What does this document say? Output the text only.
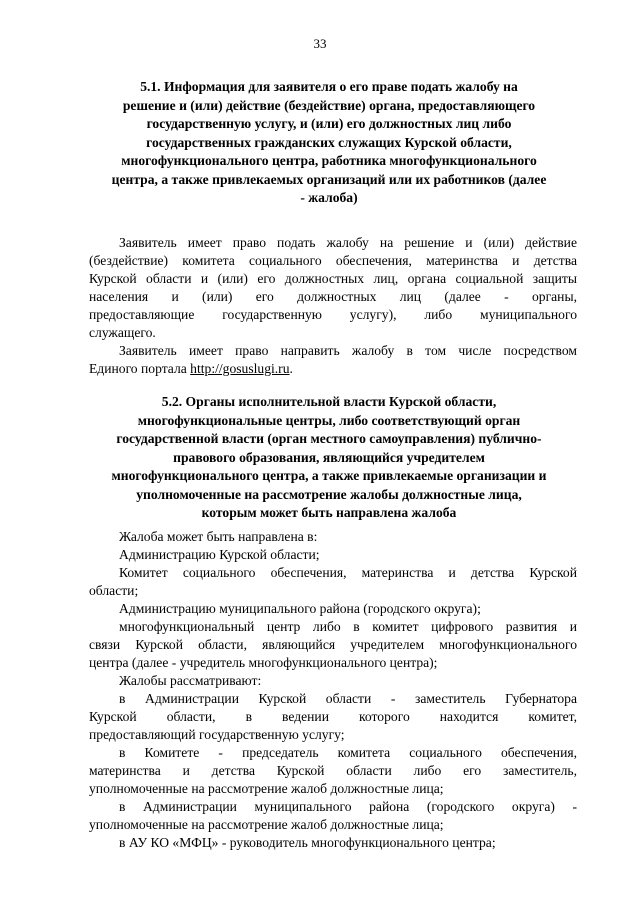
33
5.1. Информация для заявителя о его праве подать жалобу на
решение и (или) действие (бездействие) органа, предоставляющего
государственную услугу, и (или) его должностных лиц либо
государственных гражданских служащих Курской области,
многофункционального центра, работника многофункционального
центра, а также привлекаемых организаций или их работников (далее
- жалоба)
Заявитель имеет право подать жалобу на решение и (или) действие
(бездействие) комитета социального обеспечения, материнства и детства
Курской области и (или) его должностных лиц, органа социальной защиты
населения и (или) его должностных лиц (далее - органы,
предоставляющие государственную услугу), либо муниципального
служащего.
Заявитель имеет право направить жалобу в том числе посредством
Единого портала http://gosuslugi.ru.
5.2. Органы исполнительной власти Курской области,
многофункциональные центры, либо соответствующий орган
государственной власти (орган местного самоуправления) публично-
правового образования, являющийся учредителем
многофункционального центра, а также привлекаемые организации и
уполномоченные на рассмотрение жалобы должностные лица,
которым может быть направлена жалоба
Жалоба может быть направлена в:
Администрацию Курской области;
Комитет социального обеспечения, материнства и детства Курской
области;
Администрацию муниципального района (городского округа);
многофункциональный центр либо в комитет цифрового развития и
связи Курской области, являющийся учредителем многофункционального
центра (далее - учредитель многофункционального центра);
Жалобы рассматривают:
в Администрации Курской области - заместитель Губернатора
Курской области, в ведении которого находится комитет,
предоставляющий государственную услугу;
в Комитете - председатель комитета социального обеспечения,
материнства и детства Курской области либо его заместитель,
уполномоченные на рассмотрение жалоб должностные лица;
в Администрации муниципального района (городского округа) -
уполномоченные на рассмотрение жалоб должностные лица;
в АУ КО «МФЦ» - руководитель многофункционального центра;
